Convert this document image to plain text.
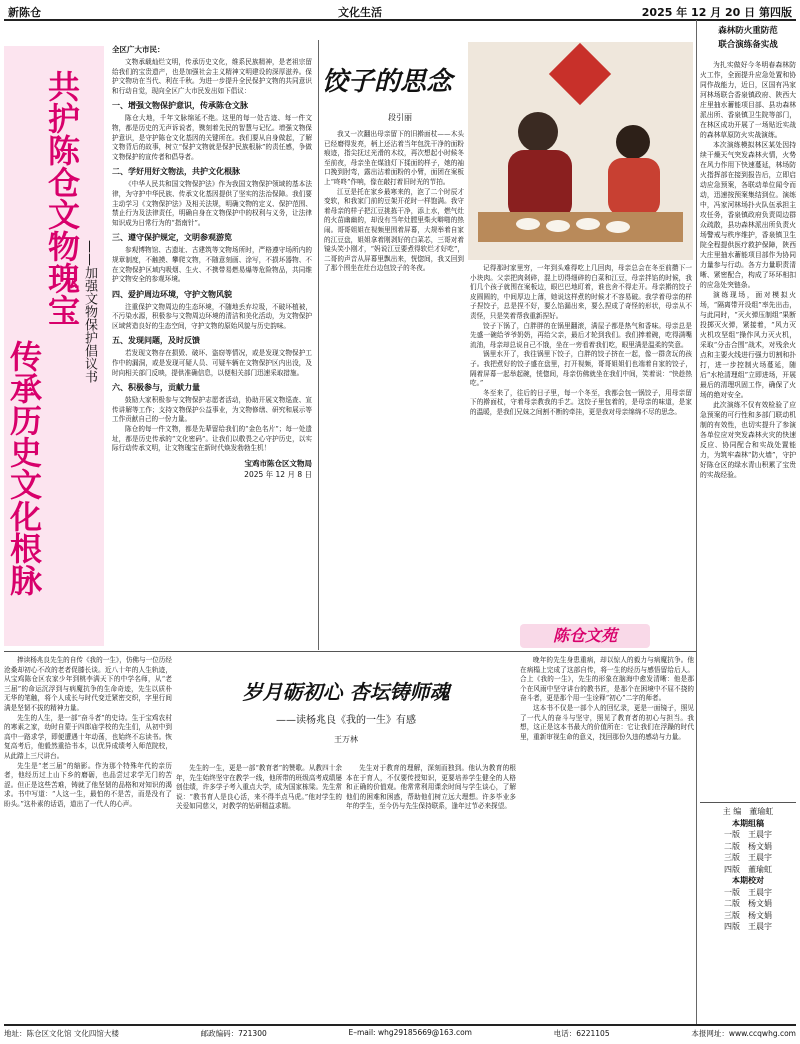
新陈仓	文化生活	2025 年 12 月 20 日 第四版
共护陈仓文物瑰宝
传承历史文化根脉
——加强文物保护倡议书
全区广大市民：

文物承载灿烂文明，传承历史文化，维系民族精神，是老祖宗留给我们的宝贵遗产，也是加强社会主义精神文明建设的深厚滋养。保护文物功在当代、利在千秋。为进一步提升全民保护文物的共同意识和行动自觉，现向全区广大市民发出如下倡议：

一、增强文物保护意识，传承陈仓文脉

陈仓大地，千年文脉绵延不绝。这里的每一处古迹、每一件文物，都是历史的无声诉说者，镌刻着先民的智慧与记忆。增强文物保护意识，是守护陈仓文化基因的关键所在。我们要从自身做起，了解文物背后的故事，树立“保护文物就是保护民族根脉”的责任感，争做文物保护的宣传者和倡导者。

二、学好用好文物法，共护文化根脉

《中华人民共和国文物保护法》作为我国文物保护领域的基本法律，为守护中华民族、传承文化基因提供了坚实的法治保障。我们要主动学习《文物保护法》及相关法规，明确文物的定义、保护范围、禁止行为及法律责任，明确自身在文物保护中的权利与义务，让法律知识成为日常行为的“指南针”。

三、遵守保护规定，文明参观游览

参观博物馆、古遗址、古建筑等文物场所时，严格遵守场所内的规章制度，不触摸、攀爬文物，不随意刻画、涂写，不损坏器物、不在文物保护区域内吸烟、生火、不携带易燃易爆等危险物品，共同维护文物安全的参观环境。

四、爱护周边环境，守护文物风貌

注重保护文物周边的生态环境，不随地丢弃垃圾，不破坏植被，不污染水源，积极参与文物周边环境的清洁和美化活动，为文物保护区域营造良好的生态空间，守护文物的原始风貌与历史韵味。

五、发现问题，及时反馈

若发现文物存在损毁、破坏、盗窃等情况，或是发现文物保护工作中的漏洞，或是发现可疑人员、可疑车辆在文物保护区内出没，及时向相关部门反映，提供准确信息，以便相关部门迅速采取措施。

六、积极参与，贡献力量

鼓励大家积极参与文物保护志愿者活动，协助开展文物巡查、宣传讲解等工作；支持文物保护公益事业，为文物修缮、研究和展示等工作贡献自己的一份力量。

陈仓的每一件文物，都是先辈留给我们的“金色名片”；每一处遗址，都是历史传承的“文化密码”。让我们以敬畏之心守护历史，以实际行动传承文明，让文物瑰宝在新时代焕发勃勃生机！

宝鸡市陈仓区文物局
2025 年 12 月 8 日
饺子的思念
段引丽

我又一次翻出母亲留下的旧擀面杖——木头已经磨得发亮，柄上还沾着当年包洗干净的面粉痕迹，指尖抚过光滑的木纹，再次想起小时候冬至前夜，母亲坐在煤油灯下揉面的样子，她的袖口挽到肘弯，露出沾着面粉的小臂，面团在案板上“咚咚”作响，像在敲打着旧时光的节拍。

江豆是托在家乡最寒来的，泡了二个时辰才变软，和我家门前的豆架开花时一样饱满。我守着母亲的样子把江豆挑拣干净，添上水，燃气灶的火苗幽幽的，却没有当年灶膛里柴火噼啪的热闹。哥哥姐姐在视频里围着屏幕，大规举着自家的江豆盘，姐姐拿着刚剥好的白菜芯，三哥对着镜头笑小刚才，“妈说江豆要煮得软烂才好吃”，二哥的声音从屏幕里飘出来，恍惚间，我又回到了那个围坐在灶台边包饺子的冬夜。	记得那时家里穷，一年到头难得吃上几回肉，母亲总会在冬至前攒下一小块肉。父亲把肉剁碎，混上切得细碎的白菜和江豆，母亲拌馅的时候，我们几个孩子就围在案板边，眼巴巴地盯着，谁也舍不得走开。母亲擀的饺子皮圆圆的，中间厚边上薄，她说这样煮的时候才不容易破。我学着母亲的样子捏饺子，总是捏不好，要么馅漏出来，要么捏成了奇怪的形状，母亲从不责怪，只是笑着帮我重新捏好。

饺子下锅了，白胖胖的在锅里翻滚，满屋子都是热气和香味。母亲总是先盛一碗给爷爷奶奶，再给父亲，最后才轮到我们。我们捧着碗，吃得满嘴流油，母亲却总说自己不饿，坐在一旁看着我们吃，眼里满是温柔的笑意。

锅里水开了，我往锅里下饺子，白胖的饺子挤在一起，像一群贪玩的孩子。我把煮好的饺子盛在盘里，打开视频，哥哥姐姐们也端着自家的饺子，隔着屏幕一起举起碗，恍惚间，母亲仿佛就坐在我们中间，笑着说：“快趁热吃。”

冬至来了，往后的日子里，每一个冬至，我都会包一锅饺子，用母亲留下的擀面杖，守着母亲教我的手艺。这饺子里包着的，是母亲的味道，是家的温暖，是我们兄妹之间割不断的牵挂，更是我对母亲绵绵不尽的思念。

陈仓文苑

捧读杨兆良先生的自传《我的一生》，仿佛与一位历经沧桑却初心不改的老者促膝长谈。近八十年的人生轨迹，从宝鸡陈仓区农家少年到桃李满天下的中学名师，从“老三届”的命运沉浮到与病魔抗争的生命奇迹，先生以质朴无华的笔触，将个人成长与时代变迁紧密交织，字里行间满是坚韧不拔的精神力量。

先生的人生，是一部“奋斗者”的史诗。生于宝鸡农村的寒素之家，幼时自蒙于四郎庙学校的先生们，从初中到高中一路求学，即便遭遇十年动荡，也始终不忘读书。恢复高考后，他毅然重拾书本，以优异成绩考入师范院校，从此踏上三尺讲台。

先生是“老三届”的缩影。作为那个特殊年代的亲历者，他经历过上山下乡的磨砺，也品尝过求学无门的苦涩。但正是这些苦难，铸就了他坚韧的品格和对知识的渴求。书中写道：“人这一生，最怕的不是苦，而是没有了盼头。”这朴素的话语，道出了一代人的心声。

岁月砺初心 杏坛铸师魂
——读杨兆良《我的一生》有感
王万林

先生的一生，更是一部“教育者”的赞歌。从教四十余年，先生始终坚守在教学一线，他所带的班级高考成绩屡创佳绩，许多学子考入重点大学，成为国家栋梁。先生常说：“教书育人是良心活，来不得半点马虎。”他对学生的关爱如同慈父，对教学的钻研精益求精。

先生对于教育的理解，深刻而独到。他认为教育的根本在于育人，不仅要传授知识，更要培养学生健全的人格和正确的价值观。他常常利用课余时间与学生谈心，了解他们的困难和困惑，帮助他们树立远大理想。许多毕业多年的学生，至今仍与先生保持联系，逢年过节必来探望。

晚年的先生身患重病，却以惊人的毅力与病魔抗争。他在病榻上完成了这部自传，将一生的经历与感悟留给后人。合上《我的一生》，先生的形象在脑海中愈发清晰：他是那个在风雨中坚守讲台的教书匠，是那个在困境中不屈不挠的奋斗者，更是那个用一生诠释“初心”二字的师者。

这本书不仅是一部个人的回忆录，更是一面镜子，照见了一代人的奋斗与坚守，照见了教育者的初心与担当。我想，这正是这本书最大的价值所在：它让我们在浮躁的时代里，重新审视生命的意义，找回那份久违的感动与力量。

森林防火重防范
联合演练备实战

为扎实做好今冬明春森林防火工作，全面提升应急处置和协同作战能力，近日，区国有冯家河林场联合香泉镇政府、陕西大庄里抽水蓄能项目部、县功森林派出所、香泉镇卫生院等部门，在林区成功开展了一场贴近实战的森林草原防火实战演练。

本次演练模拟林区某处因持续干燥天气突发森林火情，火势在风力作用下快速蔓延，林场防火指挥部在接到报告后，立即启动应急预案，各联动单位闻令而动，迅速按预案集结到位。演练中，冯家河林场扑火队伍承担主攻任务，香泉镇政府负责周边群众疏散，县功森林派出所负责火场警戒与秩序维护，香泉镇卫生院全程提供医疗救护保障，陕西大庄里抽水蓄能项目部作为协同力量参与行动。各方力量职责清晰、紧密配合，构成了环环相扣的应急处突链条。

演练现场，面对模拟火场，“隔离带开设组”率先出击，与此同时，“灭火弹压制组”果断投掷灭火弹，紧接着，“风力灭火机攻坚组”操作风力灭火机，采取“分击合围”战术，对残余火点和主要火线进行强力切割和扑打，进一步控制火场蔓延，随后“水枪清理组”立即进场，开展最后的清理巩固工作，确保了火场的绝对安全。

此次演练不仅有效检验了应急预案的可行性和多部门联动机制的有效性，也切实提升了参演各单位应对突发森林火灾的快速反应、协同配合和实战处置能力，为筑牢森林“防火墙”，守护好陈仓区的绿水青山积累了宝贵的实战经验。

主 编 董瑜虹
本期组稿
一版 王晨宇
二版 杨文娟
三版 王晨宇
四版 董瑜虹
本期校对
一版 王晨宇
二版 杨文娟
三版 杨文娟
四版 王晨宇
地址：陈仓区文化馆 文化四馆大楼	邮政编码：721300	E–mail: whg29185669@163.com	电话：6221105	本报网址：www.ccqwhg.com
